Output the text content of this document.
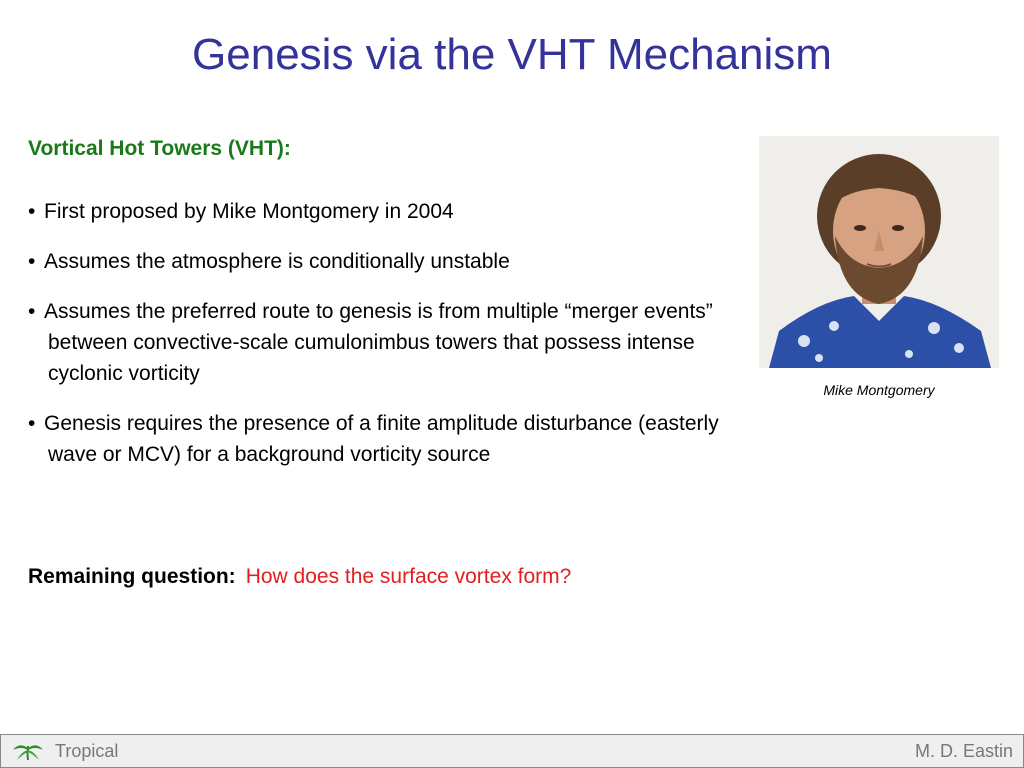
Genesis via the VHT Mechanism
Vortical Hot Towers (VHT):
• First proposed by Mike Montgomery in 2004
• Assumes the atmosphere is conditionally unstable
• Assumes the preferred route to genesis is from multiple “merger events” between convective-scale cumulonimbus towers that possess intense cyclonic vorticity
• Genesis requires the presence of a finite amplitude disturbance (easterly wave or MCV) for a background vorticity source
Remaining question: How does the surface vortex form?
Mike Montgomery
Tropical	M. D. Eastin
